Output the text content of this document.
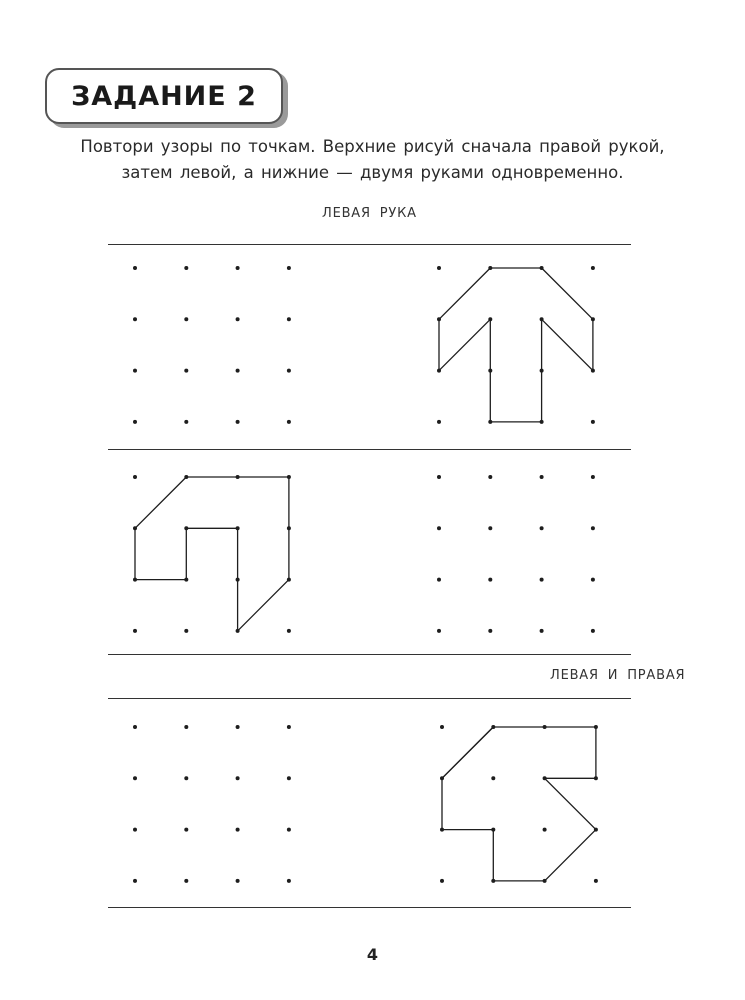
ЗАДАНИЕ 2

Повтори узоры по точкам. Верхние рисуй сначала правой рукой,

затем левой, а нижние — двумя руками одновременно.

ЛЕВАЯ РУКА
ЛЕВАЯ И ПРАВАЯ
4
